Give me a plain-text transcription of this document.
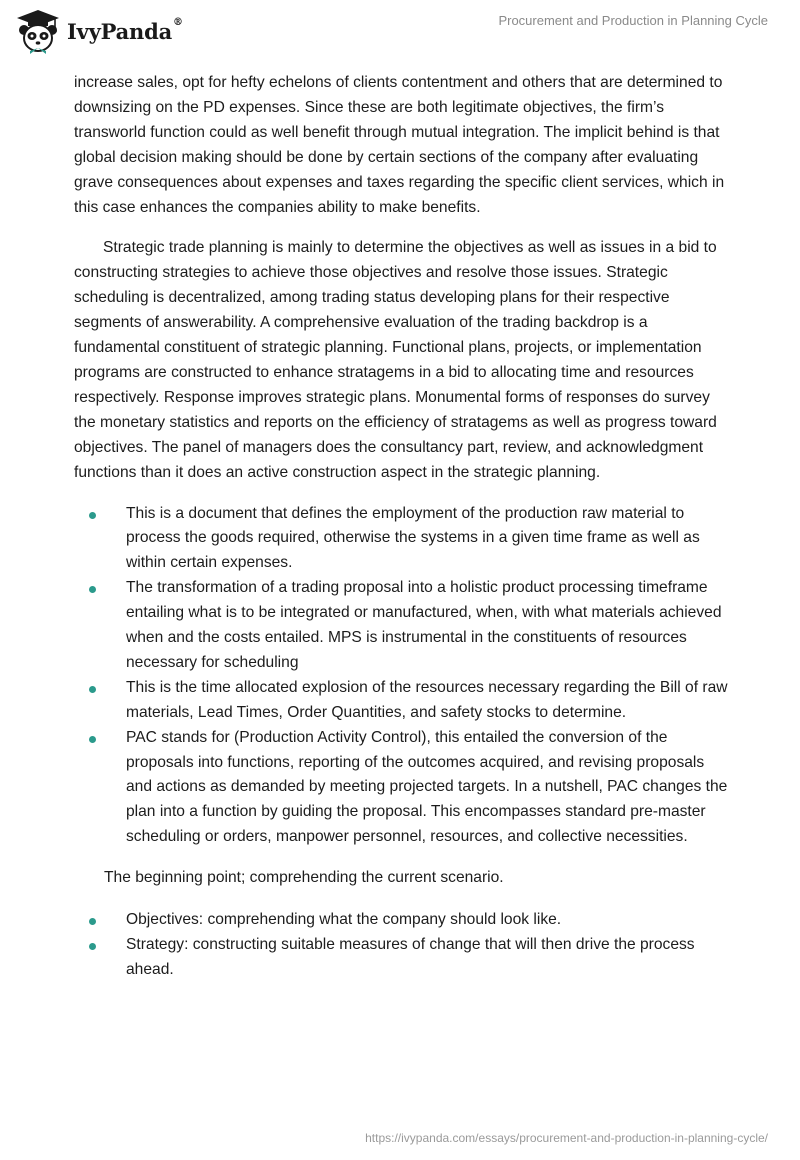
IvyPanda®	Procurement and Production in Planning Cycle

increase sales, opt for hefty echelons of clients contentment and others that are determined to downsizing on the PD expenses. Since these are both legitimate objectives, the firm’s transworld function could as well benefit through mutual integration. The implicit behind is that global decision making should be done by certain sections of the company after evaluating grave consequences about expenses and taxes regarding the specific client services, which in this case enhances the companies ability to make benefits.

Strategic trade planning is mainly to determine the objectives as well as issues in a bid to constructing strategies to achieve those objectives and resolve those issues. Strategic scheduling is decentralized, among trading status developing plans for their respective segments of answerability. A comprehensive evaluation of the trading backdrop is a fundamental constituent of strategic planning. Functional plans, projects, or implementation programs are constructed to enhance stratagems in a bid to allocating time and resources respectively. Response improves strategic plans. Monumental forms of responses do survey the monetary statistics and reports on the efficiency of stratagems as well as progress toward objectives. The panel of managers does the consultancy part, review, and acknowledgment functions than it does an active construction aspect in the strategic planning.

This is a document that defines the employment of the production raw material to process the goods required, otherwise the systems in a given time frame as well as within certain expenses.
The transformation of a trading proposal into a holistic product processing timeframe entailing what is to be integrated or manufactured, when, with what materials achieved when and the costs entailed. MPS is instrumental in the constituents of resources necessary for scheduling
This is the time allocated explosion of the resources necessary regarding the Bill of raw materials, Lead Times, Order Quantities, and safety stocks to determine.
PAC stands for (Production Activity Control), this entailed the conversion of the proposals into functions, reporting of the outcomes acquired, and revising proposals and actions as demanded by meeting projected targets. In a nutshell, PAC changes the plan into a function by guiding the proposal. This encompasses standard pre-master scheduling or orders, manpower personnel, resources, and collective necessities.

The beginning point; comprehending the current scenario.

Objectives: comprehending what the company should look like.
Strategy: constructing suitable measures of change that will then drive the process ahead.
https://ivypanda.com/essays/procurement-and-production-in-planning-cycle/
